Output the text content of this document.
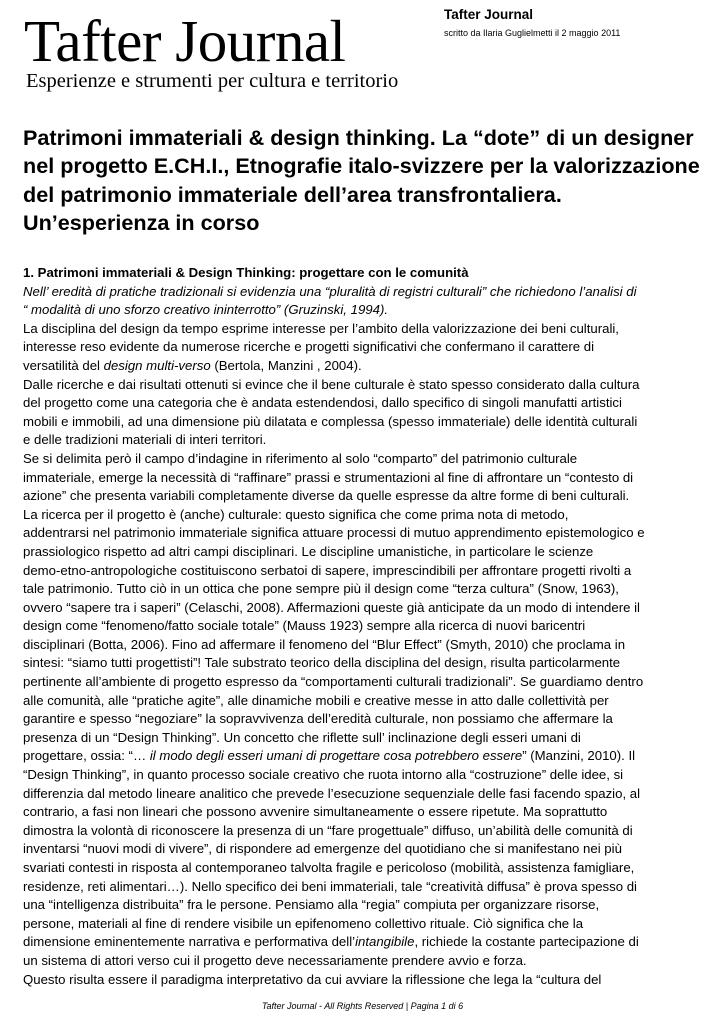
Tafter Journal
Esperienze e strumenti per cultura e territorio
Tafter Journal
scritto da Ilaria Guglielmetti il 2 maggio 2011
Patrimoni immateriali & design thinking. La “dote” di un designer
nel progetto E.CH.I., Etnografie italo-svizzere per la valorizzazione
del patrimonio immateriale dell’area transfrontaliera.
Un’esperienza in corso
1. Patrimoni immateriali & Design Thinking: progettare con le comunità
Nell’ eredità di pratiche tradizionali si evidenzia una “pluralità di registri culturali” che richiedono l’analisi di
“ modalità di uno sforzo creativo ininterrotto” (Gruzinski, 1994).
La disciplina del design da tempo esprime interesse per l’ambito della valorizzazione dei beni culturali,
interesse reso evidente da numerose ricerche e progetti significativi che confermano il carattere di
versatilità del design multi-verso (Bertola, Manzini , 2004).
Dalle ricerche e dai risultati ottenuti si evince che il bene culturale è stato spesso considerato dalla cultura
del progetto come una categoria che è andata estendendosi, dallo specifico di singoli manufatti artistici
mobili e immobili, ad una dimensione più dilatata e complessa (spesso immateriale) delle identità culturali
e delle tradizioni materiali di interi territori.
Se si delimita però il campo d’indagine in riferimento al solo “comparto” del patrimonio culturale
immateriale, emerge la necessità di “raffinare” prassi e strumentazioni al fine di affrontare un “contesto di
azione” che presenta variabili completamente diverse da quelle espresse da altre forme di beni culturali.
La ricerca per il progetto è (anche) culturale: questo significa che come prima nota di metodo,
addentrarsi nel patrimonio immateriale significa attuare processi di mutuo apprendimento epistemologico e
prassiologico rispetto ad altri campi disciplinari. Le discipline umanistiche, in particolare le scienze
demo-etno-antropologiche costituiscono serbatoi di sapere, imprescindibili per affrontare progetti rivolti a
tale patrimonio. Tutto ciò in un ottica che pone sempre più il design come “terza cultura” (Snow, 1963),
ovvero “sapere tra i saperi” (Celaschi, 2008). Affermazioni queste già anticipate da un modo di intendere il
design come “fenomeno/fatto sociale totale” (Mauss 1923) sempre alla ricerca di nuovi baricentri
disciplinari (Botta, 2006). Fino ad affermare il fenomeno del “Blur Effect” (Smyth, 2010) che proclama in
sintesi: “siamo tutti progettisti”! Tale substrato teorico della disciplina del design, risulta particolarmente
pertinente all’ambiente di progetto espresso da “comportamenti culturali tradizionali”. Se guardiamo dentro
alle comunità, alle “pratiche agite”, alle dinamiche mobili e creative messe in atto dalle collettività per
garantire e spesso “negoziare” la sopravvivenza dell’eredità culturale, non possiamo che affermare la
presenza di un “Design Thinking”. Un concetto che riflette sull’ inclinazione degli esseri umani di
progettare, ossia: “… il modo degli esseri umani di progettare cosa potrebbero essere” (Manzini, 2010). Il
“Design Thinking”, in quanto processo sociale creativo che ruota intorno alla “costruzione” delle idee, si
differenzia dal metodo lineare analitico che prevede l’esecuzione sequenziale delle fasi facendo spazio, al
contrario, a fasi non lineari che possono avvenire simultaneamente o essere ripetute. Ma soprattutto
dimostra la volontà di riconoscere la presenza di un “fare progettuale” diffuso, un’abilità delle comunità di
inventarsi “nuovi modi di vivere”, di rispondere ad emergenze del quotidiano che si manifestano nei più
svariati contesti in risposta al contemporaneo talvolta fragile e pericoloso (mobilità, assistenza famigliare,
residenze, reti alimentari…). Nello specifico dei beni immateriali, tale “creatività diffusa” è prova spesso di
una “intelligenza distribuita” fra le persone. Pensiamo alla “regia” compiuta per organizzare risorse,
persone, materiali al fine di rendere visibile un epifenomeno collettivo rituale. Ciò significa che la
dimensione eminentemente narrativa e performativa dell’intangibile, richiede la costante partecipazione di
un sistema di attori verso cui il progetto deve necessariamente prendere avvio e forza.
Questo risulta essere il paradigma interpretativo da cui avviare la riflessione che lega la “cultura del
Tafter Journal - All Rights Reserved | Pagina 1 di 6
